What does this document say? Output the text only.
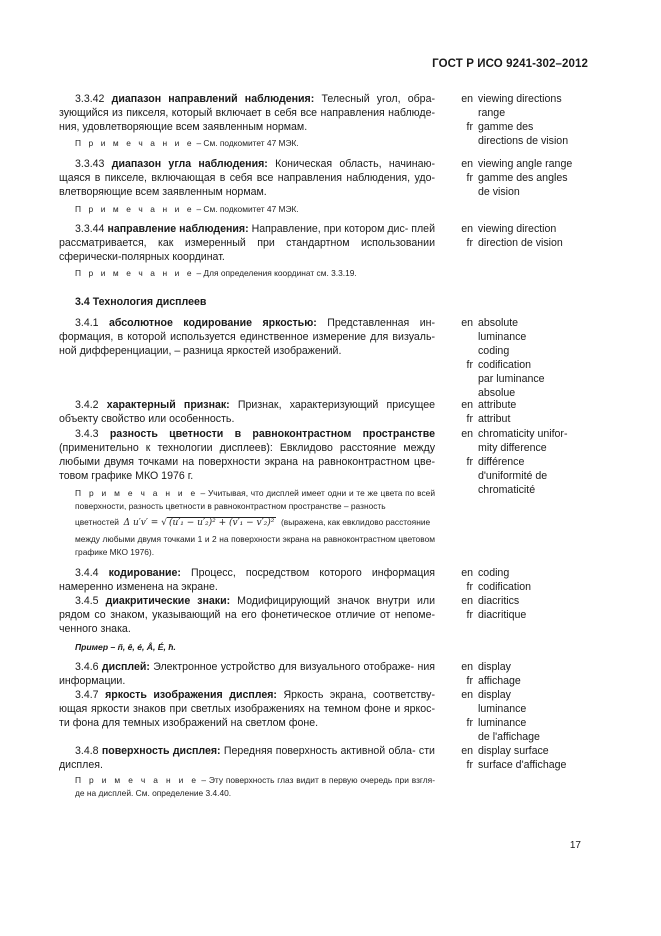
ГОСТ Р ИСО 9241-302–2012
3.3.42 диапазон направлений наблюдения: Телесный угол, обра- зующийся из пикселя, который включает в себя все направления наблюде-ния, удовлетворяющие всем заявленным нормам.
П р и м е ч а н и е – См. подкомитет 47 МЭК.
3.3.43 диапазон угла наблюдения: Коническая область, начинаю- щаяся в пикселе, включающая в себя все направления наблюдения, удо-влетворяющие всем заявленным нормам.
П р и м е ч а н и е – См. подкомитет 47 МЭК.
3.3.44 направление наблюдения: Направление, при котором дис- плей рассматривается, как измеренный при стандартном использовании сферически-полярных координат.
П р и м е ч а н и е – Для определения координат см. 3.3.19.
3.4 Технология дисплеев
3.4.1 абсолютное кодирование яркостью: Представленная ин- формация, в которой используется единственное измерение для визуаль-ной дифференциации, – разница яркостей изображений.
3.4.2 характерный признак: Признак, характеризующий присущее объекту свойство или особенность.
3.4.3 разность цветности в равноконтрастном пространстве (применительно к технологии дисплеев): Евклидово расстояние между любыми двумя точками на поверхности экрана на равноконтрастном цве-товом графике МКО 1976 г.
П р и м е ч а н и е – Учитывая, что дисплей имеет одни и те же цвета по всей поверхности, разность цветности в равноконтрастном пространстве – разность
цветностей Δ u′v′ = √ (u′₁ − u′₂)² + (v′₁ − v′₂)² (выражена, как евклидово расстояние
между любыми двумя точками 1 и 2 на поверхности экрана на равноконтрастном цветовом графике МКО 1976).
3.4.4 кодирование: Процесс, посредством которого информация намеренно изменена на экране.
3.4.5 диакритические знаки: Модифицирующий значок внутри или рядом со знаком, указывающий на его фонетическое отличие от непоме-ченного знака.
Пример – ñ, ê, é, Â, É, ħ.
3.4.6 дисплей: Электронное устройство для визуального отображе- ния информации.
3.4.7 яркость изображения дисплея: Яркость экрана, соответству- ющая яркости знаков при светлых изображениях на темном фоне и яркос-ти фона для темных изображений на светлом фоне.
3.4.8 поверхность дисплея: Передняя поверхность активной обла- сти дисплея.
П р и м е ч а н и е – Эту поверхность глаз видит в первую очередь при взгля-де на дисплей. См. определение 3.4.40.
en viewing directions
range
fr gamme des
directions de vision
en viewing angle range
fr gamme des angles
de vision
en viewing direction
fr direction de vision
en absolute
luminance
coding
fr codification
par luminance
absolue
en attribute
fr attribut
en chromaticity unifor-
mity difference
fr différence
d'uniformité de
chromaticité
en coding
fr codification
en diacritics
fr diacritique
en display
fr affichage
en display
luminance
fr luminance
de l'affichage
en display surface
fr surface d'affichage
17
